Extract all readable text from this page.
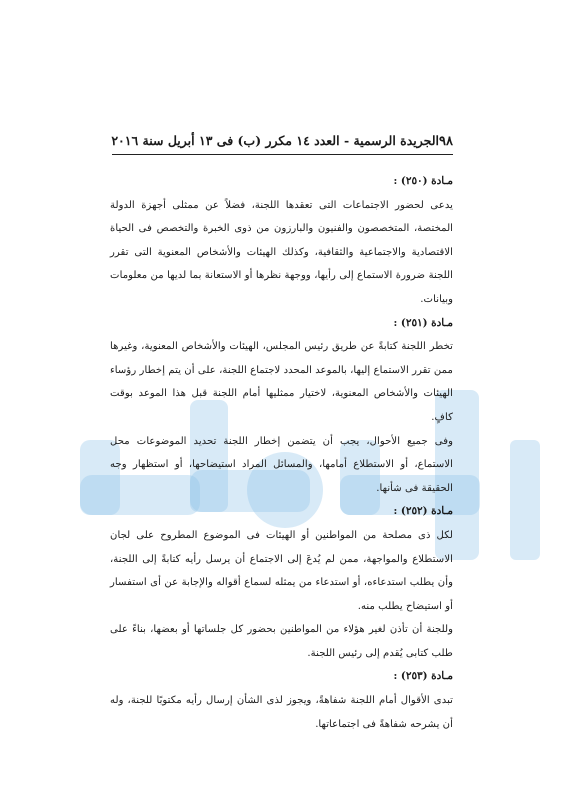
٩٨
الجريدة الرسمية - العدد ١٤ مكرر (ب) فى ١٣ أبريل سنة ٢٠١٦

مـادة (٢٥٠) :

يدعى لحضور الاجتماعات التى تعقدها اللجنة، فضلاً عن ممثلى أجهزة الدولة المختصة، المتخصصون والفنيون والبارزون من ذوى الخبرة والتخصص فى الحياة الاقتصادية والاجتماعية والثقافية، وكذلك الهيئات والأشخاص المعنوية التى تقرر اللجنة ضرورة الاستماع إلى رأيها، ووجهة نظرها أو الاستعانة بما لديها من معلومات وبيانات.

مـادة (٢٥١) :

تخطر اللجنة كتابةً عن طريق رئيس المجلس، الهيئات والأشخاص المعنوية، وغيرها ممن تقرر الاستماع إليها، بالموعد المحدد لاجتماع اللجنة، على أن يتم إخطار رؤساء الهيئات والأشخاص المعنوية، لاختيار ممثليها أمام اللجنة قبل هذا الموعد بوقت كافٍ.

وفى جميع الأحوال، يجب أن يتضمن إخطار اللجنة تحديد الموضوعات محل الاستماع، أو الاستطلاع أمامها، والمسائل المراد استيضاحها، أو استظهار وجه الحقيقة فى شأنها.

مـادة (٢٥٢) :

لكل ذى مصلحة من المواطنين أو الهيئات فى الموضوع المطروح على لجان الاستطلاع والمواجهة، ممن لم يُدعَ إلى الاجتماع أن يرسل رأيه كتابةً إلى اللجنة، وأن يطلب استدعاءه، أو استدعاء من يمثله لسماع أقواله والإجابة عن أى استفسار أو استيضاح يطلب منه.

وللجنة أن تأذن لغير هؤلاء من المواطنين بحضور كل جلساتها أو بعضها، بناءً على طلب كتابى يُقدم إلى رئيس اللجنة.

مـادة (٢٥٣) :

تبدى الأقوال أمام اللجنة شفاهةً، ويجوز لذى الشأن إرسال رأيه مكتوبًا للجنة، وله أن يشرحه شفاهةً فى اجتماعاتها.
